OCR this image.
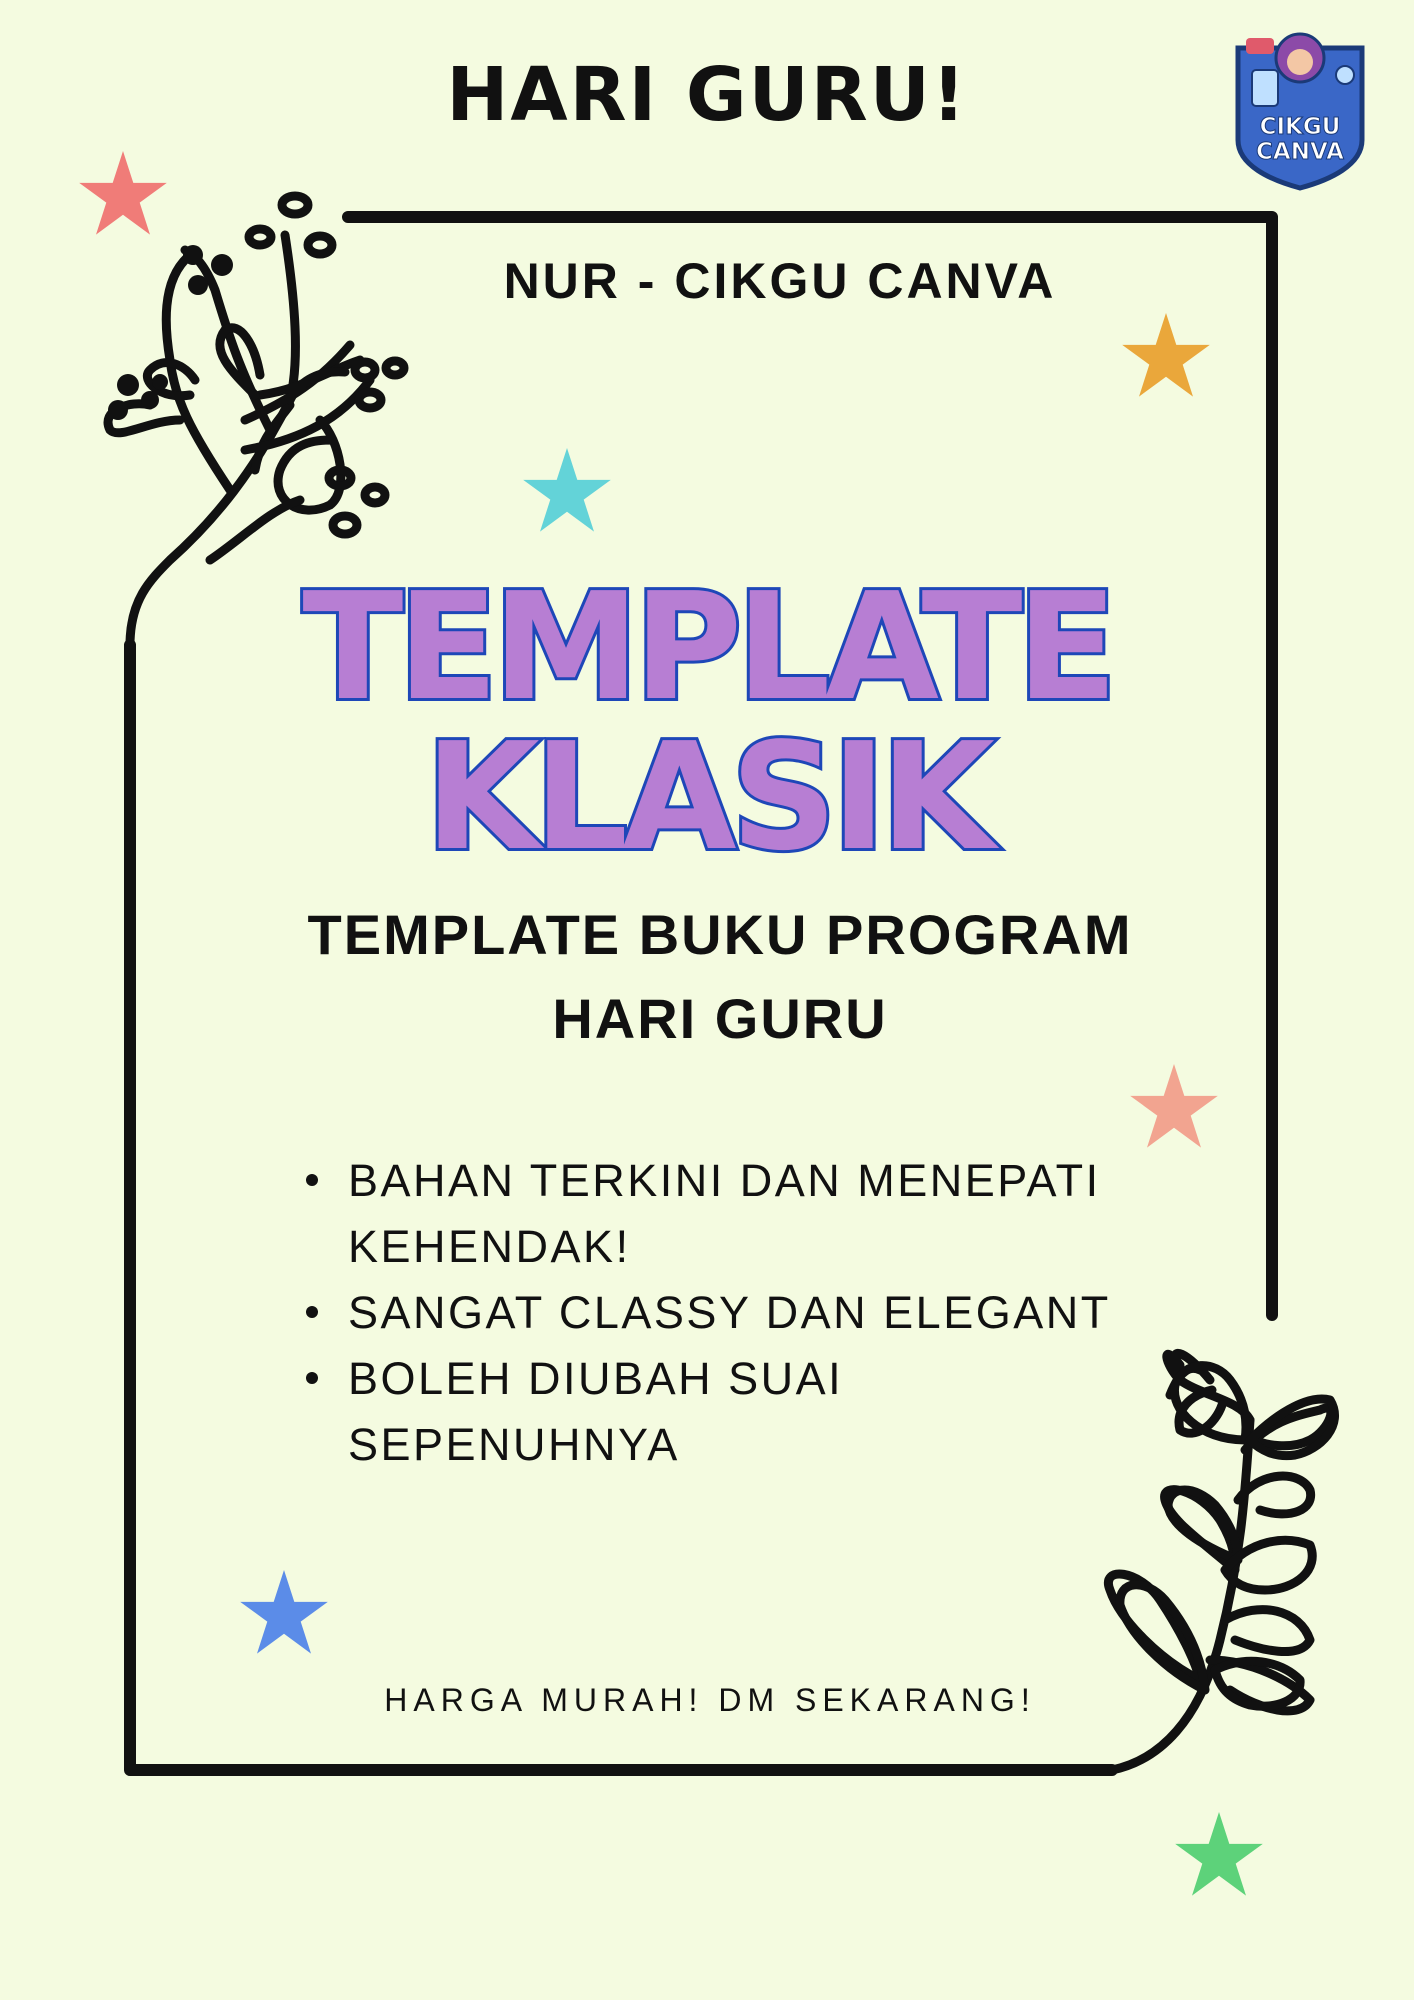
HARI GURU!	CIKGU
CANVA
NUR - CIKGU CANVA
TEMPLATE
KLASIK
TEMPLATE BUKU PROGRAM
HARI GURU
BAHAN TERKINI DAN MENEPATI
KEHENDAK!
SANGAT CLASSY DAN ELEGANT
BOLEH DIUBAH SUAI
SEPENUHNYA
HARGA MURAH! DM SEKARANG!
